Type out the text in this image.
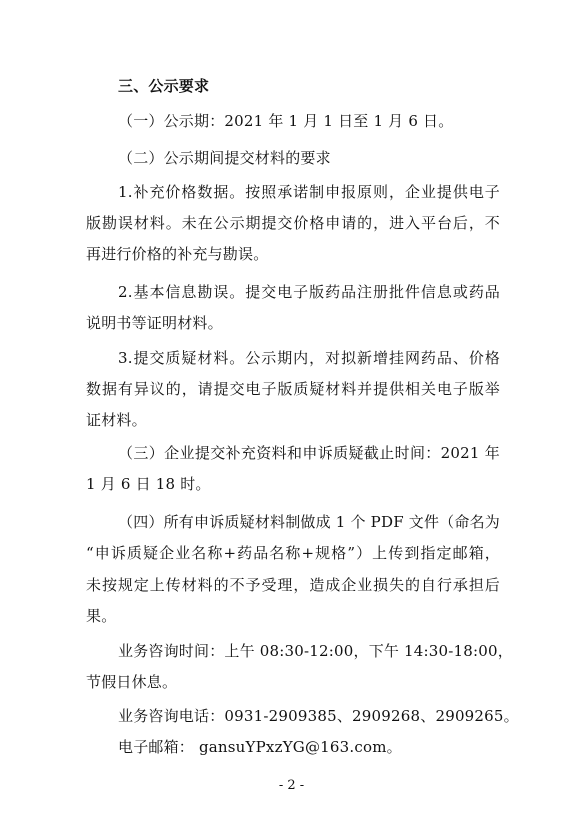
三、公示要求
（一）公示期：2021 年 1 月 1 日至 1 月 6 日。
（二）公示期间提交材料的要求
1.补充价格数据。按照承诺制申报原则，企业提供电子
版勘误材料。未在公示期提交价格申请的，进入平台后，不
再进行价格的补充与勘误。
2.基本信息勘误。提交电子版药品注册批件信息或药品
说明书等证明材料。
3.提交质疑材料。公示期内，对拟新增挂网药品、价格
数据有异议的，请提交电子版质疑材料并提供相关电子版举
证材料。
（三）企业提交补充资料和申诉质疑截止时间：2021 年
1 月 6 日 18 时。
（四）所有申诉质疑材料制做成 1 个 PDF 文件（命名为
“申诉质疑企业名称+药品名称+规格”）上传到指定邮箱，
未按规定上传材料的不予受理，造成企业损失的自行承担后
果。
业务咨询时间：上午 08:30-12:00，下午 14:30-18:00，
节假日休息。
业务咨询电话：0931-2909385、2909268、2909265。
电子邮箱： gansuYPxzYG@163.com。
- 2 -
